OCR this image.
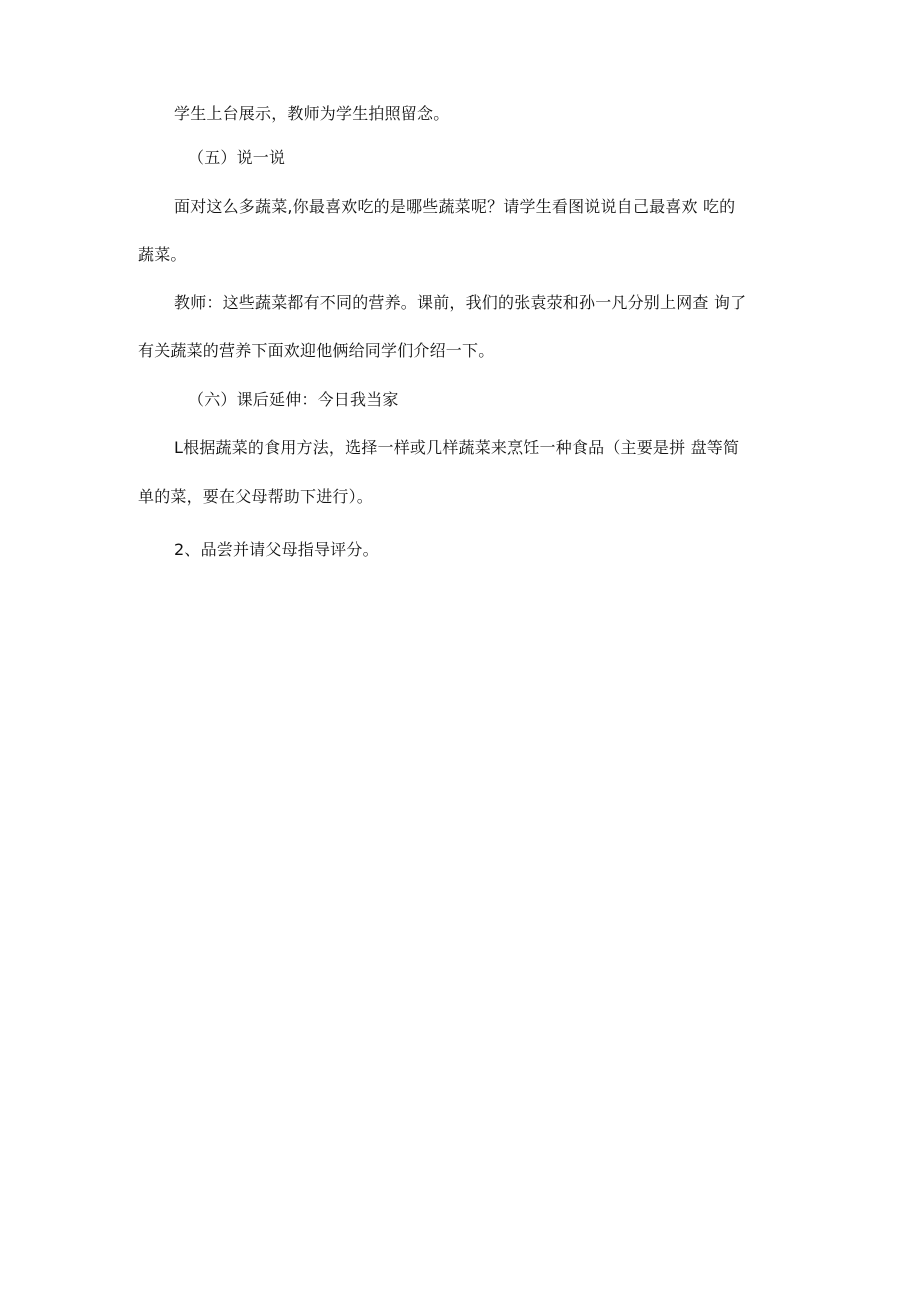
学生上台展示，教师为学生拍照留念。
（五）说一说
面对这么多蔬菜,你最喜欢吃的是哪些蔬菜呢？请学生看图说说自己最喜欢 吃的
蔬菜。
教师：这些蔬菜都有不同的营养。课前，我们的张袁荥和孙一凡分别上网查 询了
有关蔬菜的营养下面欢迎他俩给同学们介绍一下。
（六）课后延伸：今日我当家
L根据蔬菜的食用方法，选择一样或几样蔬菜来烹饪一种食品（主要是拼 盘等简
单的菜，要在父母帮助下进行）。
2、品尝并请父母指导评分。
